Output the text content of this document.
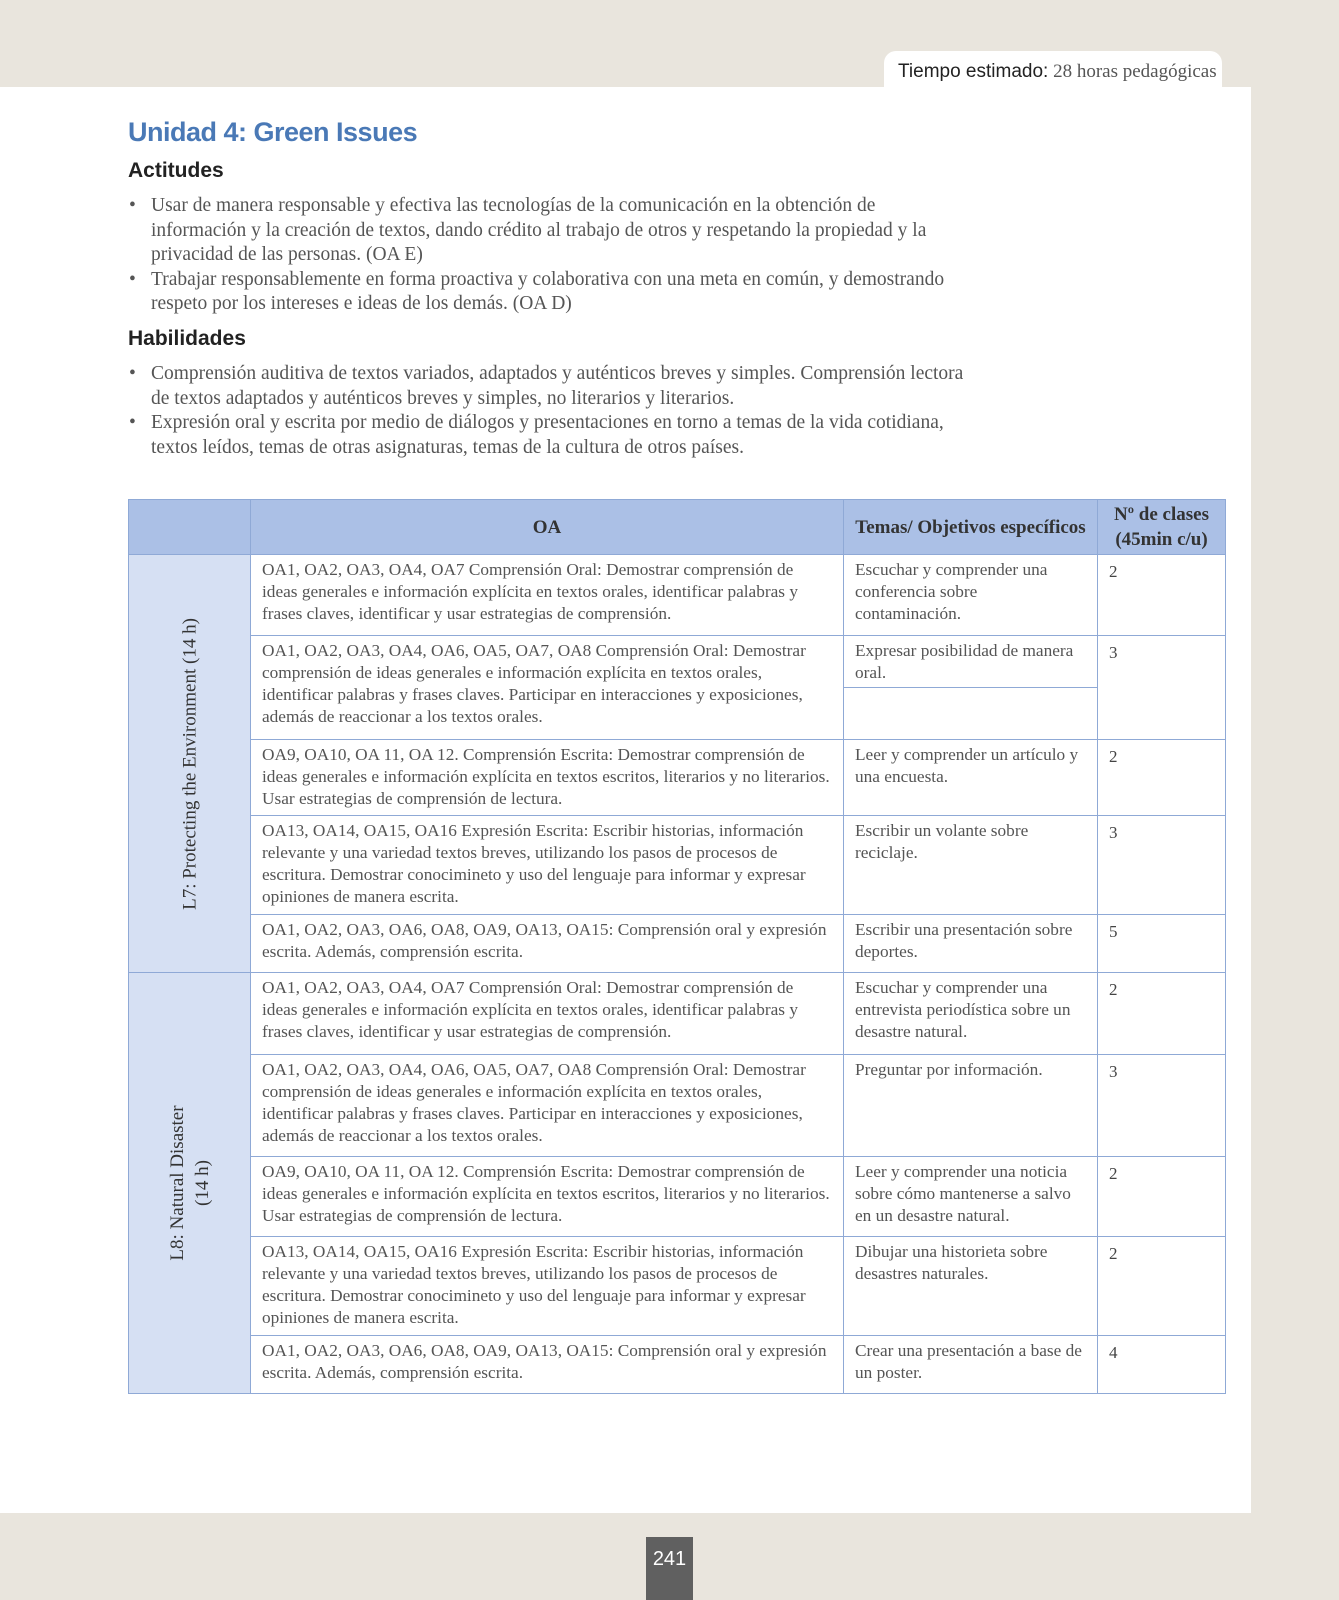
Tiempo estimado: 28 horas pedagógicas
Unidad 4: Green Issues
Actitudes
• Usar de manera responsable y efectiva las tecnologías de la comunicación en la obtención de información y la creación de textos, dando crédito al trabajo de otros y respetando la propiedad y la privacidad de las personas. (OA E)
• Trabajar responsablemente en forma proactiva y colaborativa con una meta en común, y demostrando respeto por los intereses e ideas de los demás. (OA D)
Habilidades
• Comprensión auditiva de textos variados, adaptados y auténticos breves y simples. Comprensión lectora de textos adaptados y auténticos breves y simples, no literarios y literarios.
• Expresión oral y escrita por medio de diálogos y presentaciones en torno a temas de la vida cotidiana, textos leídos, temas de otras asignaturas, temas de la cultura de otros países.
	OA	Temas/ Objetivos específicos	Nº de clases (45min c/u)

L7: Protecting the Environment (14 h)	OA1, OA2, OA3, OA4, OA7 Comprensión Oral: Demostrar comprensión de ideas generales e información explícita en textos orales, identificar palabras y frases claves, identificar y usar estrategias de comprensión.	Escuchar y comprender una conferencia sobre contaminación.	2
	OA1, OA2, OA3, OA4, OA6, OA5, OA7, OA8 Comprensión Oral: Demostrar comprensión de ideas generales e información explícita en textos orales, identificar palabras y frases claves. Participar en interacciones y exposiciones, además de reaccionar a los textos orales.	Expresar posibilidad de manera oral.	3
	OA9, OA10, OA 11, OA 12. Comprensión Escrita: Demostrar comprensión de ideas generales e información explícita en textos escritos, literarios y no literarios. Usar estrategias de comprensión de lectura.	Leer y comprender un artículo y una encuesta.	2
	OA13, OA14, OA15, OA16 Expresión Escrita: Escribir historias, información relevante y una variedad textos breves, utilizando los pasos de procesos de escritura. Demostrar conocimineto y uso del lenguaje para informar y expresar opiniones de manera escrita.	Escribir un volante sobre reciclaje.	3
	OA1, OA2, OA3, OA6, OA8, OA9, OA13, OA15: Comprensión oral y expresión escrita. Además, comprensión escrita.	Escribir una presentación sobre deportes.	5

L8: Natural Disaster (14 h)	OA1, OA2, OA3, OA4, OA7 Comprensión Oral: Demostrar comprensión de ideas generales e información explícita en textos orales, identificar palabras y frases claves, identificar y usar estrategias de comprensión.	Escuchar y comprender una entrevista periodística sobre un desastre natural.	2
	OA1, OA2, OA3, OA4, OA6, OA5, OA7, OA8 Comprensión Oral: Demostrar comprensión de ideas generales e información explícita en textos orales, identificar palabras y frases claves. Participar en interacciones y exposiciones, además de reaccionar a los textos orales.	Preguntar por información.	3
	OA9, OA10, OA 11, OA 12. Comprensión Escrita: Demostrar comprensión de ideas generales e información explícita en textos escritos, literarios y no literarios. Usar estrategias de comprensión de lectura.	Leer y comprender una noticia sobre cómo mantenerse a salvo en un desastre natural.	2
	OA13, OA14, OA15, OA16 Expresión Escrita: Escribir historias, información relevante y una variedad textos breves, utilizando los pasos de procesos de escritura. Demostrar conocimineto y uso del lenguaje para informar y expresar opiniones de manera escrita.	Dibujar una historieta sobre desastres naturales.	2
	OA1, OA2, OA3, OA6, OA8, OA9, OA13, OA15: Comprensión oral y expresión escrita. Además, comprensión escrita.	Crear una presentación a base de un poster.	4
241
